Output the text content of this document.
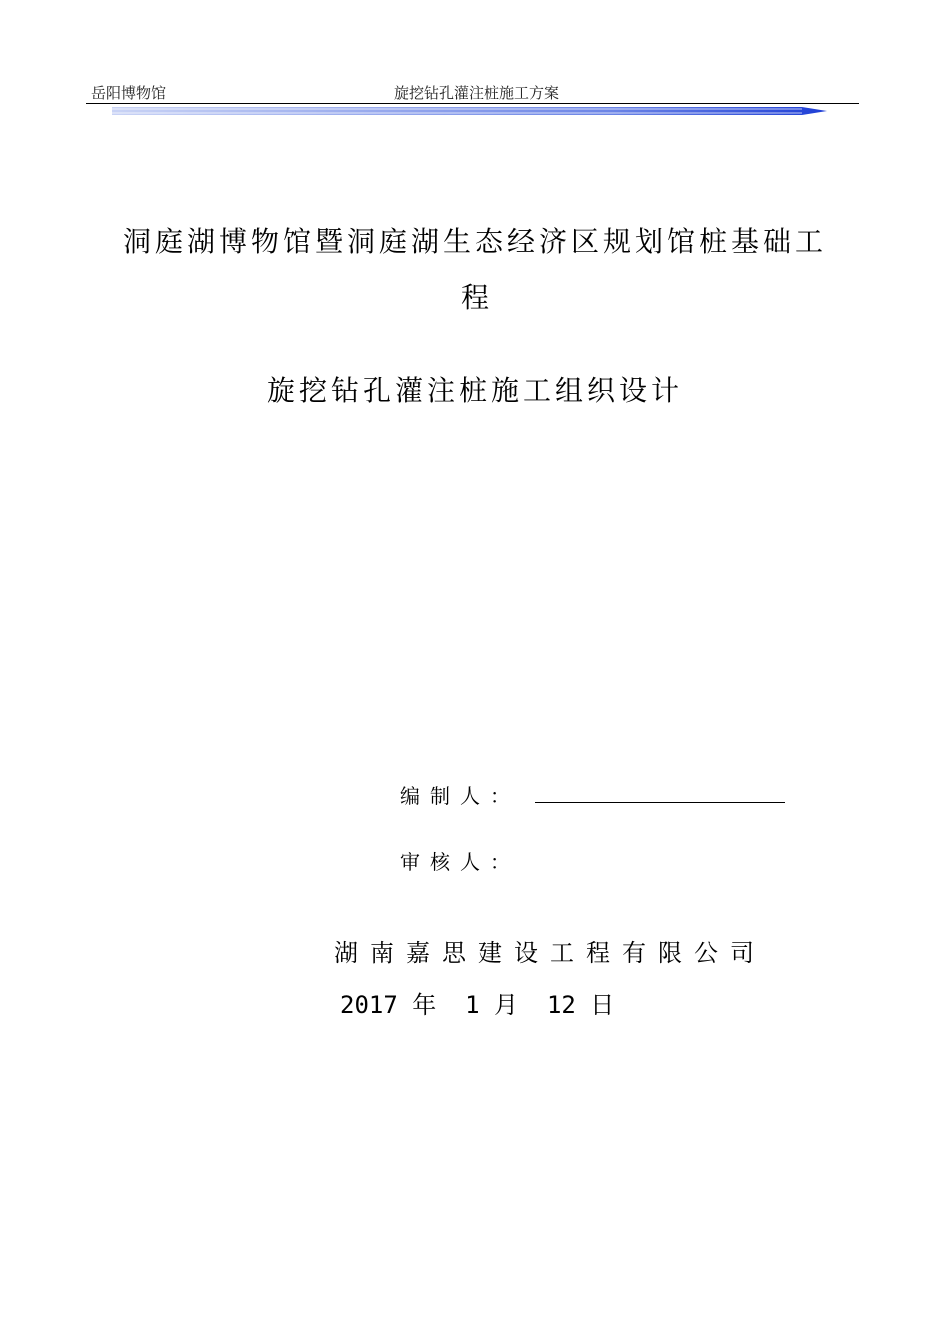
岳阳博物馆	旋挖钻孔灌注桩施工方案
洞庭湖博物馆暨洞庭湖生态经济区规划馆桩基础工
程
旋挖钻孔灌注桩施工组织设计
编制人：
审核人：
湖南嘉思建设工程有限公司
2017 年  1 月  12 日
